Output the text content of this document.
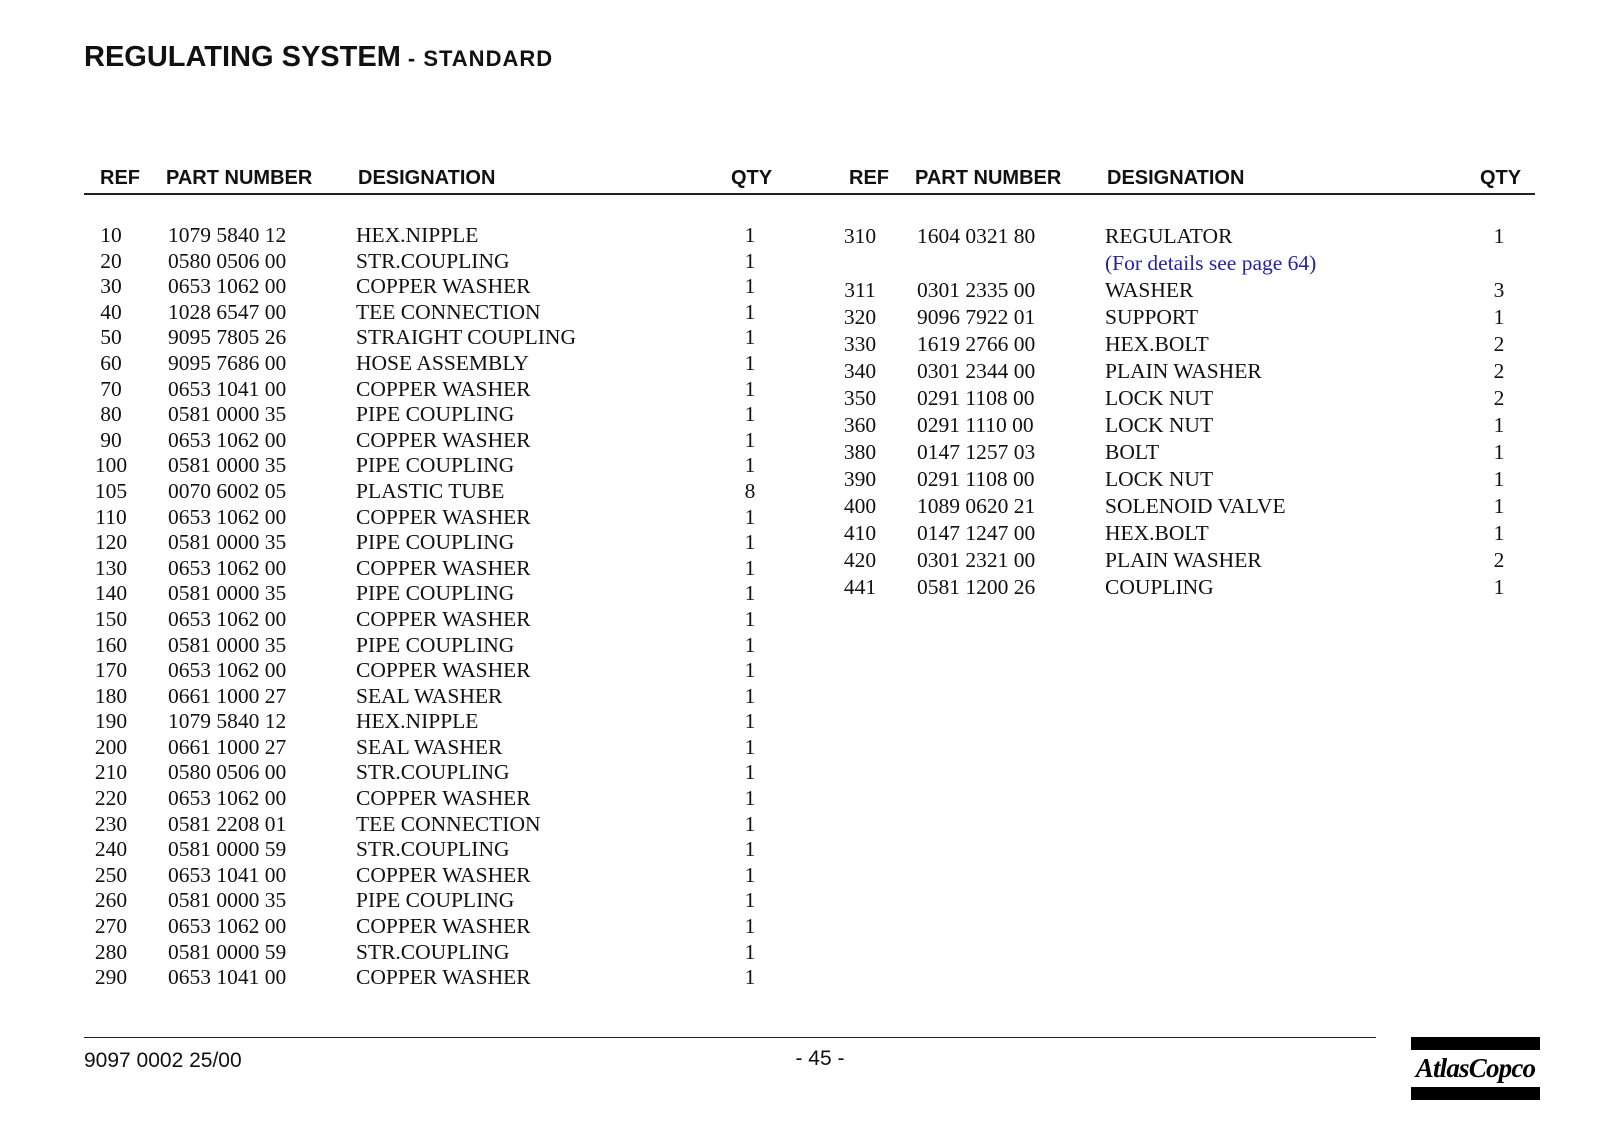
REGULATING SYSTEM - STANDARD
REF PART NUMBER DESIGNATION	QTY
10	1079 5840 12	HEX.NIPPLE	1
20	0580 0506 00	STR.COUPLING	1
30	0653 1062 00	COPPER WASHER	1
40	1028 6547 00	TEE CONNECTION	1
50	9095 7805 26	STRAIGHT COUPLING	1
60	9095 7686 00	HOSE ASSEMBLY	1
70	0653 1041 00	COPPER WASHER	1
80	0581 0000 35	PIPE COUPLING	1
90	0653 1062 00	COPPER WASHER	1
100	0581 0000 35	PIPE COUPLING	1
105	0070 6002 05	PLASTIC TUBE	8
110	0653 1062 00	COPPER WASHER	1
120	0581 0000 35	PIPE COUPLING	1
130	0653 1062 00	COPPER WASHER	1
140	0581 0000 35	PIPE COUPLING	1
150	0653 1062 00	COPPER WASHER	1
160	0581 0000 35	PIPE COUPLING	1
170	0653 1062 00	COPPER WASHER	1
180	0661 1000 27	SEAL WASHER	1
190	1079 5840 12	HEX.NIPPLE	1
200	0661 1000 27	SEAL WASHER	1
210	0580 0506 00	STR.COUPLING	1
220	0653 1062 00	COPPER WASHER	1
230	0581 2208 01	TEE CONNECTION	1
240	0581 0000 59	STR.COUPLING	1
250	0653 1041 00	COPPER WASHER	1
260	0581 0000 35	PIPE COUPLING	1
270	0653 1062 00	COPPER WASHER	1
280	0581 0000 59	STR.COUPLING	1
290	0653 1041 00	COPPER WASHER	1
REF PART NUMBER DESIGNATION	QTY
310	1604 0321 80	REGULATOR	1
(For details see page 64)
311	0301 2335 00	WASHER	3
320	9096 7922 01	SUPPORT	1
330	1619 2766 00	HEX.BOLT	2
340	0301 2344 00	PLAIN WASHER	2
350	0291 1108 00	LOCK NUT	2
360	0291 1110 00	LOCK NUT	1
380	0147 1257 03	BOLT	1
390	0291 1108 00	LOCK NUT	1
400	1089 0620 21	SOLENOID VALVE	1
410	0147 1247 00	HEX.BOLT	1
420	0301 2321 00	PLAIN WASHER	2
441	0581 1200 26	COUPLING	1
9097 0002 25/00	- 45 -	AtlasCopco
